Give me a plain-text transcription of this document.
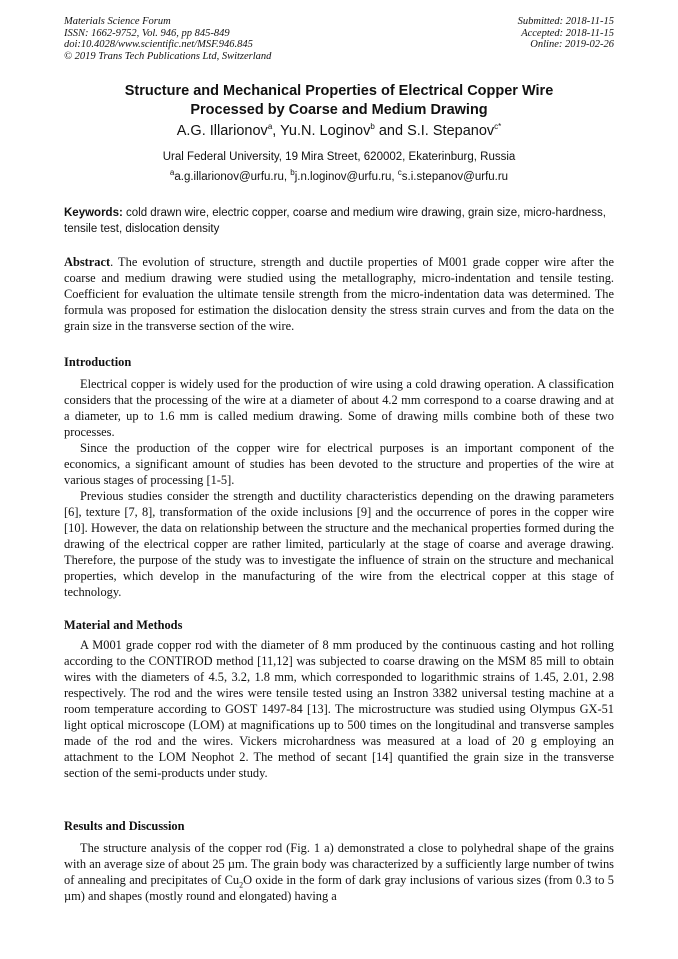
Materials Science Forum
ISSN: 1662-9752, Vol. 946, pp 845-849
doi:10.4028/www.scientific.net/MSF.946.845
© 2019 Trans Tech Publications Ltd, Switzerland
Submitted: 2018-11-15
Accepted: 2018-11-15
Online: 2019-02-26
Structure and Mechanical Properties of Electrical Copper Wire
Processed by Coarse and Medium Drawing
A.G. Illarionov$^a$, Yu.N. Loginov$^b$ and S.I. Stepanov$^{c*}$
Ural Federal University, 19 Mira Street, 620002, Ekaterinburg, Russia
$^a$a.g.illarionov@urfu.ru, $^b$j.n.loginov@urfu.ru, $^c$s.i.stepanov@urfu.ru
Keywords: cold drawn wire, electric copper, coarse and medium wire drawing, grain size, micro-hardness, tensile test, dislocation density
Abstract. The evolution of structure, strength and ductile properties of M001 grade copper wire after the coarse and medium drawing were studied using the metallography, micro-indentation and tensile testing. Coefficient for evaluation the ultimate tensile strength from the micro-indentation data was determined. The formula was proposed for estimation the dislocation density the stress strain curves and from the data on the grain size in the transverse section of the wire.
Introduction

Electrical copper is widely used for the production of wire using a cold drawing operation. A classification considers that the processing of the wire at a diameter of about 4.2 mm correspond to a coarse drawing and at a diameter, up to 1.6 mm is called medium drawing. Some of drawing mills combine both of these two processes.

Since the production of the copper wire for electrical purposes is an important component of the economics, a significant amount of studies has been devoted to the structure and properties of the wire at various stages of processing [1-5].

Previous studies consider the strength and ductility characteristics depending on the drawing parameters [6], texture [7, 8], transformation of the oxide inclusions [9] and the occurrence of pores in the copper wire [10]. However, the data on relationship between the structure and the mechanical properties formed during the drawing of the electrical copper are rather limited, particularly at the stage of coarse and average drawing. Therefore, the purpose of the study was to investigate the influence of strain on the structure and mechanical properties, which develop in the manufacturing of the wire from the electrical copper at this stage of technology.

Material and Methods

A M001 grade copper rod with the diameter of 8 mm produced by the continuous casting and hot rolling according to the CONTIROD method [11,12] was subjected to coarse drawing on the MSM 85 mill to obtain wires with the diameters of 4.5, 3.2, 1.8 mm, which corresponded to logarithmic strains of 1.45, 2.01, 2.98 respectively. The rod and the wires were tensile tested using an Instron 3382 universal testing machine at a room temperature according to GOST 1497-84 [13]. The microstructure was studied using Olympus GX-51 light optical microscope (LOM) at magnifications up to 500 times on the longitudinal and transverse samples made of the rod and the wires. Vickers microhardness was measured at a load of 20 g employing an attachment to the LOM Neophot 2. The method of secant [14] quantified the grain size in the transverse section of the semi-products under study.

Results and Discussion

The structure analysis of the copper rod (Fig. 1 a) demonstrated a close to polyhedral shape of the grains with an average size of about 25 µm. The grain body was characterized by a sufficiently large number of twins of annealing and precipitates of $Cu_2O$ oxide in the form of dark gray inclusions of various sizes (from 0.3 to 5 µm) and shapes (mostly round and elongated) having a
